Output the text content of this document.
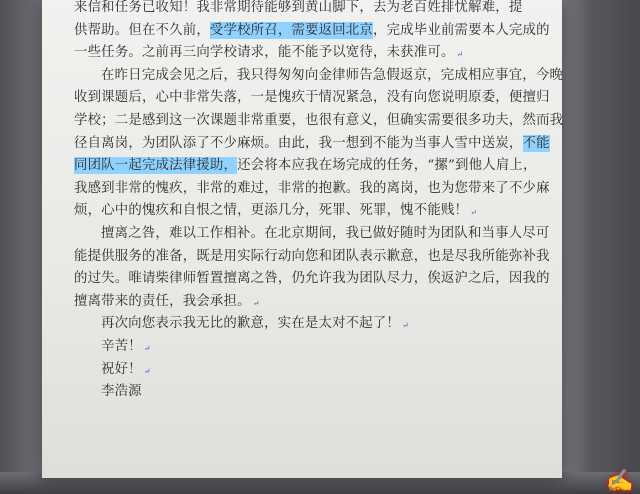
来信和任务已收知！我非常期待能够到黄山脚下，去为老百姓排忧解难，提
供帮助。但在不久前，受学校所召，需要返回北京，完成毕业前需要本人完成的
一些任务。之前再三向学校请求，能不能予以宽待，未获准可。 ↵
在昨日完成会见之后，我只得匆匆向金律师告急假返京，完成相应事宜，今晚
收到课题后，心中非常失落，一是愧疚于情况紧急，没有向您说明原委，便擅归
学校；二是感到这一次课题非常重要，也很有意义，但确实需要很多功夫，然而我
径自离岗，为团队添了不少麻烦。由此，我一想到不能为当事人雪中送炭，不能
同团队一起完成法律援助，还会将本应我在场完成的任务，“摞”到他人肩上，
我感到非常的愧疚，非常的难过，非常的抱歉。我的离岗，也为您带来了不少麻
烦，心中的愧疚和自恨之情，更添几分，死罪、死罪，愧不能贱！ ↵
擅离之咎，难以工作相补。在北京期间，我已做好随时为团队和当事人尽可
能提供服务的准备，既是用实际行动向您和团队表示歉意，也是尽我所能弥补我
的过失。唯请柴律师暂置擅离之咎，仍允许我为团队尽力，俟返沪之后，因我的
擅离带来的责任，我会承担。 ↵
再次向您表示我无比的歉意，实在是太对不起了！ ↵
辛苦！ ↵
祝好！ ↵
李浩源
✍
